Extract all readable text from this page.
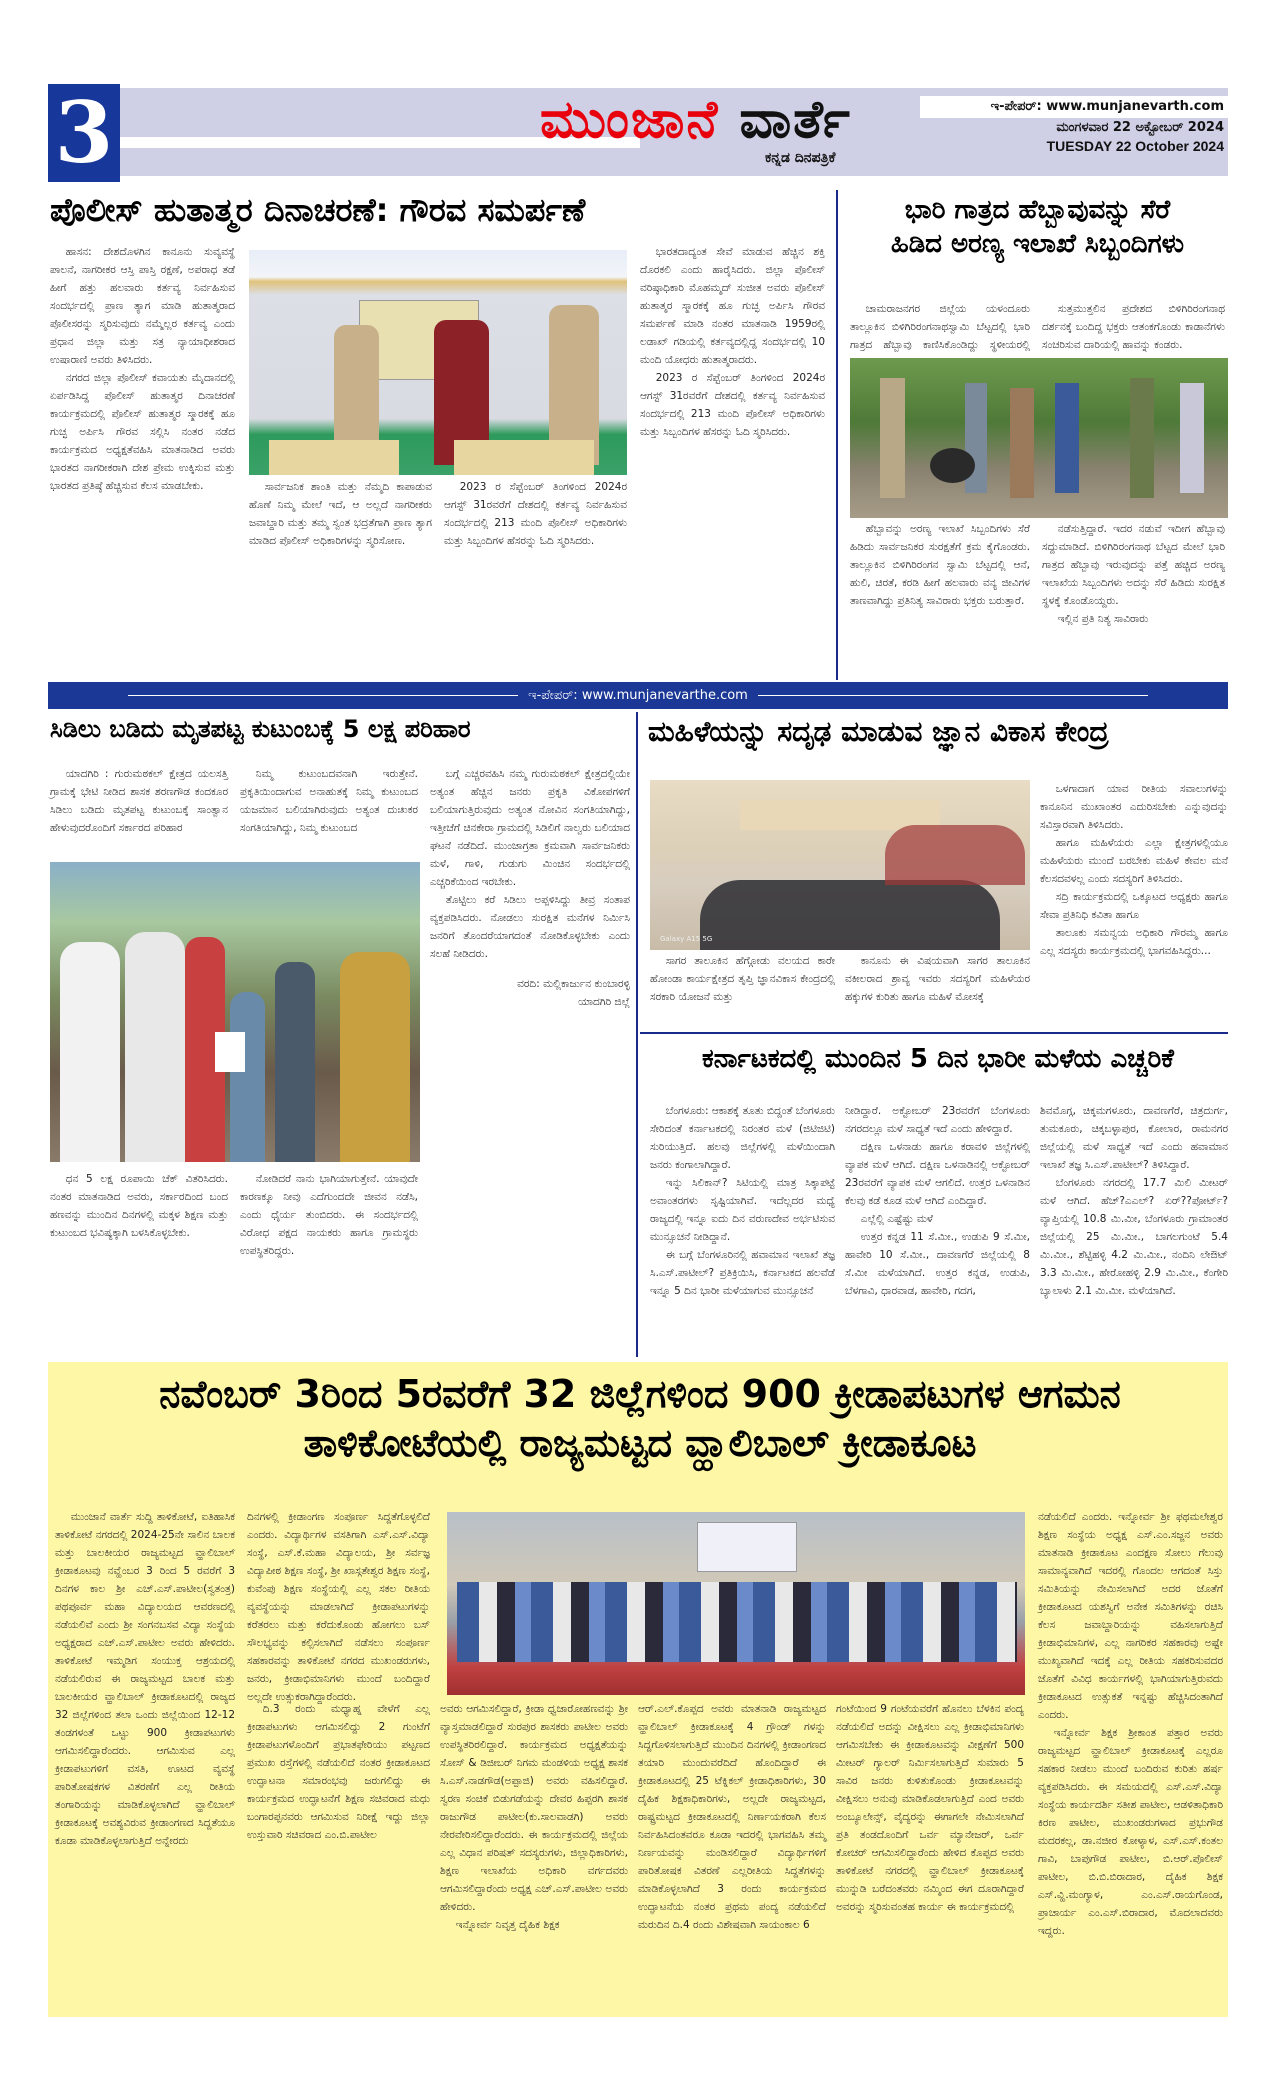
3	ಮುಂಜಾನೆ ವಾರ್ತೆ
ಕನ್ನಡ ದಿನಪತ್ರಿಕೆ
ಇ-ಪೇಪರ್: www.munjanevarth.com
ಮಂಗಳವಾರ 22 ಅಕ್ಟೋಬರ್ 2024
TUESDAY 22 October 2024
ಪೊಲೀಸ್ ಹುತಾತ್ಮರ ದಿನಾಚರಣೆ: ಗೌರವ ಸಮರ್ಪಣೆ

ಹಾಸನ: ದೇಶದೊಳಗಿನ ಕಾನೂನು ಸುವ್ಯವಸ್ಥೆ ಪಾಲನೆ, ನಾಗರೀಕರ ಆಸ್ತಿ ಪಾಸ್ತಿ ರಕ್ಷಣೆ, ಅಪರಾಧ ತಡೆ ಹೀಗೆ ಹತ್ತು ಹಲವಾರು ಕರ್ತವ್ಯ ನಿರ್ವಹಿಸುವ ಸಂದರ್ಭದಲ್ಲಿ ಪ್ರಾಣ ತ್ಯಾಗ ಮಾಡಿ ಹುತಾತ್ಮರಾದ ಪೊಲೀಸರನ್ನು ಸ್ಮರಿಸುವುದು ನಮ್ಮೆಲ್ಲರ ಕರ್ತವ್ಯ ಎಂದು ಪ್ರಧಾನ ಜಿಲ್ಲಾ ಮತ್ತು ಸತ್ರ ನ್ಯಾಯಾಧೀಶರಾದ ಉಷಾರಾಣಿ ಅವರು ತಿಳಿಸಿದರು.

ನಗರದ ಜಿಲ್ಲಾ ಪೊಲೀಸ್ ಕವಾಯತು ಮೈದಾನದಲ್ಲಿ ಏರ್ಪಡಿಸಿದ್ದ ಪೊಲೀಸ್ ಹುತಾತ್ಮರ ದಿನಾಚರಣೆ ಕಾರ್ಯಕ್ರಮದಲ್ಲಿ ಪೊಲೀಸ್ ಹುತಾತ್ಮರ ಸ್ಮಾರಕಕ್ಕೆ ಹೂ ಗುಚ್ಛ ಅರ್ಪಿಸಿ ಗೌರವ ಸಲ್ಲಿಸಿ ನಂತರ ನಡೆದ ಕಾರ್ಯಕ್ರಮದ ಅಧ್ಯಕ್ಷತೆವಹಿಸಿ ಮಾತನಾಡಿದ ಅವರು ಭಾರತದ ನಾಗರೀಕರಾಗಿ ದೇಶ ಪ್ರೇಮ ಉಕ್ಕಿಸುವ ಮತ್ತು ಭಾರತದ ಪ್ರತಿಷ್ಠೆ ಹೆಚ್ಚಿಸುವ ಕೆಲಸ ಮಾಡಬೇಕು.	ಸಾರ್ವಜನಿಕ ಶಾಂತಿ ಮತ್ತು ನೆಮ್ಮದಿ ಕಾಪಾಡುವ ಹೊಣೆ ನಿಮ್ಮ ಮೇಲೆ ಇದೆ, ಆ ಅಲ್ಲದೆ ನಾಗರೀಕರು ಜವಾಬ್ದಾರಿ ಮತ್ತು ತಮ್ಮ ಸ್ವಂತ ಭದ್ರತೆಗಾಗಿ ಪ್ರಾಣ ತ್ಯಾಗ ಮಾಡಿದ ಪೊಲೀಸ್ ಅಧಿಕಾರಿಗಳನ್ನು ಸ್ಮರಿಸೋಣ.

2023 ರ ಸೆಪ್ಟೆಂಬರ್ ತಿಂಗಳಿಂದ 2024ರ ಆಗಸ್ಟ್ 31ರವರೆಗೆ ದೇಶದಲ್ಲಿ ಕರ್ತವ್ಯ ನಿರ್ವಹಿಸುವ ಸಂದರ್ಭದಲ್ಲಿ 213 ಮಂದಿ ಪೊಲೀಸ್ ಅಧಿಕಾರಿಗಳು ಮತ್ತು ಸಿಬ್ಬಂದಿಗಳ ಹೆಸರನ್ನು ಓದಿ ಸ್ಮರಿಸಿದರು.

ಭಾರತದಾದ್ಯಂತ ಸೇವೆ ಮಾಡುವ ಹೆಚ್ಚಿನ ಶಕ್ತಿ ದೊರಕಲಿ ಎಂದು ಹಾರೈಸಿದರು. ಜಿಲ್ಲಾ ಪೊಲೀಸ್ ವರಿಷ್ಠಾಧಿಕಾರಿ ಮೊಹಮ್ಮದ್ ಸುಜೀತ ಅವರು ಪೊಲೀಸ್ ಹುತಾತ್ಮರ ಸ್ಮಾರಕಕ್ಕೆ ಹೂ ಗುಚ್ಛ ಅರ್ಪಿಸಿ ಗೌರವ ಸಮರ್ಪಣೆ ಮಾಡಿ ನಂತರ ಮಾತನಾಡಿ 1959ರಲ್ಲಿ ಲಡಾಖ್ ಗಡಿಯಲ್ಲಿ ಕರ್ತವ್ಯದಲ್ಲಿದ್ದ ಸಂದರ್ಭದಲ್ಲಿ 10 ಮಂದಿ ಯೋಧರು ಹುತಾತ್ಮರಾದರು.

2023 ರ ಸೆಪ್ಟೆಂಬರ್ ತಿಂಗಳಿಂದ 2024ರ ಆಗಸ್ಟ್ 31ರವರೆಗೆ ದೇಶದಲ್ಲಿ ಕರ್ತವ್ಯ ನಿರ್ವಹಿಸುವ ಸಂದರ್ಭದಲ್ಲಿ 213 ಮಂದಿ ಪೊಲೀಸ್ ಅಧಿಕಾರಿಗಳು ಮತ್ತು ಸಿಬ್ಬಂದಿಗಳ ಹೆಸರನ್ನು ಓದಿ ಸ್ಮರಿಸಿದರು.

ಭಾರಿ ಗಾತ್ರದ ಹೆಬ್ಬಾವುವನ್ನು ಸೆರೆ
ಹಿಡಿದ ಅರಣ್ಯ ಇಲಾಖೆ ಸಿಬ್ಬಂದಿಗಳು

ಚಾಮರಾಜನಗರ ಜಿಲ್ಲೆಯ ಯಳಂದೂರು ತಾಲ್ಲೂಕಿನ ಬಿಳಿಗಿರಿರಂಗನಾಥಸ್ವಾಮಿ ಬೆಟ್ಟದಲ್ಲಿ ಭಾರಿ ಗಾತ್ರದ ಹೆಬ್ಬಾವು ಕಾಣಿಸಿಕೊಂಡಿದ್ದು ಸ್ಥಳೀಯರಲ್ಲಿ

ಸುತ್ತಮುತ್ತಲಿನ ಪ್ರದೇಶದ ಬಿಳಿಗಿರಿರಂಗನಾಥ ದರ್ಶನಕ್ಕೆ ಬಂದಿದ್ದ ಭಕ್ತರು ಆತಂಕಗೊಂಡು ಕಾಡಾನೆಗಳು ಸಂಚರಿಸುವ ದಾರಿಯಲ್ಲಿ ಹಾವನ್ನು ಕಂಡರು.

ಹೆಬ್ಬಾವನ್ನು ಅರಣ್ಯ ಇಲಾಖೆ ಸಿಬ್ಬಂದಿಗಳು ಸೆರೆ ಹಿಡಿದು ಸಾರ್ವಜನಿಕರ ಸುರಕ್ಷತೆಗೆ ಕ್ರಮ ಕೈಗೊಂಡರು. ತಾಲ್ಲೂಕಿನ ಬಿಳಿಗಿರಿರಂಗನ ಸ್ವಾಮಿ ಬೆಟ್ಟದಲ್ಲಿ ಆನೆ, ಹುಲಿ, ಚಿರತೆ, ಕರಡಿ ಹೀಗೆ ಹಲವಾರು ವನ್ಯ ಜೀವಿಗಳ ತಾಣವಾಗಿದ್ದು ಪ್ರತಿನಿತ್ಯ ಸಾವಿರಾರು ಭಕ್ತರು ಬರುತ್ತಾರೆ.

ನಡೆಸುತ್ತಿದ್ದಾರೆ. ಇದರ ನಡುವೆ ಇದೀಗ ಹೆಬ್ಬಾವು ಸದ್ದುಮಾಡಿದೆ. ಬಿಳಿಗಿರಿರಂಗನಾಥ ಬೆಟ್ಟದ ಮೇಲೆ ಭಾರಿ ಗಾತ್ರದ ಹೆಬ್ಬಾವು ಇರುವುದನ್ನು ಪತ್ತೆ ಹಚ್ಚಿದ ಅರಣ್ಯ ಇಲಾಖೆಯ ಸಿಬ್ಬಂದಿಗಳು ಅದನ್ನು ಸೆರೆ ಹಿಡಿದು ಸುರಕ್ಷಿತ ಸ್ಥಳಕ್ಕೆ ಕೊಂಡೊಯ್ದರು.

ಇಲ್ಲಿನ ಪ್ರತಿ ನಿತ್ಯ ಸಾವಿರಾರು

ಇ-ಪೇಪರ್: www.munjanevarthe.com
ಸಿಡಿಲು ಬಡಿದು ಮೃತಪಟ್ಟ ಕುಟುಂಬಕ್ಕೆ 5 ಲಕ್ಷ ಪರಿಹಾರ

ಯಾದಗಿರಿ : ಗುರುಮಠಕಲ್ ಕ್ಷೇತ್ರದ ಯಲಸತ್ತಿ ಗ್ರಾಮಕ್ಕೆ ಭೇಟಿ ನೀಡಿದ ಶಾಸಕ ಶರಣಗೌಡ ಕಂದಕೂರ ಸಿಡಿಲು ಬಡಿದು ಮೃತಪಟ್ಟ ಕುಟುಂಬಕ್ಕೆ ಸಾಂತ್ವಾನ ಹೇಳುವುದರೊಂದಿಗೆ ಸರ್ಕಾರದ ಪರಿಹಾರ

ನಿಮ್ಮ ಕುಟುಂಬದವನಾಗಿ ಇರುತ್ತೇನೆ. ಪ್ರಕೃತಿಯಿಂದಾಗುವ ಅನಾಹುತಕ್ಕೆ ನಿಮ್ಮ ಕುಟುಂಬದ ಯಜಮಾನ ಬಲಿಯಾಗಿರುವುದು ಅತ್ಯಂತ ದುಃಖಕರ ಸಂಗತಿಯಾಗಿದ್ದು, ನಿಮ್ಮ ಕುಟುಂಬದ

ಬಗ್ಗೆ ಎಚ್ಚರವಹಿಸಿ ನಮ್ಮ ಗುರುಮಠಕಲ್ ಕ್ಷೇತ್ರದಲ್ಲಿಯೇ ಅತ್ಯಂತ ಹೆಚ್ಚಿನ ಜನರು ಪ್ರಕೃತಿ ವಿಕೋಪಗಳಿಗೆ ಬಲಿಯಾಗುತ್ತಿರುವುದು ಅತ್ಯಂತ ನೋವಿನ ಸಂಗತಿಯಾಗಿದ್ದು, ಇತ್ತೀಚೆಗೆ ಚಿನಕೇರಾ ಗ್ರಾಮದಲ್ಲಿ ಸಿಡಿಲಿಗೆ ನಾಲ್ವರು ಬಲಿಯಾದ ಘಟನೆ ನಡೆದಿದೆ. ಮುಂಜಾಗ್ರತಾ ಕ್ರಮವಾಗಿ ಸಾರ್ವಜನಿಕರು ಮಳೆ, ಗಾಳಿ, ಗುಡುಗು ಮಿಂಚಿನ ಸಂದರ್ಭದಲ್ಲಿ ಎಚ್ಚರಿಕೆಯಿಂದ ಇರಬೇಕು.

ತೊಟ್ಟಿಲು ಕರೆ ಸಿಡಿಲು ಅಪ್ಪಳಿಸಿದ್ದು ತೀವ್ರ ಸಂತಾಪ ವ್ಯಕ್ತಪಡಿಸಿದರು. ನೋಡಲು ಸುರಕ್ಷಿತ ಮನೆಗಳ ನಿರ್ಮಿಸಿ ಜನರಿಗೆ ತೊಂದರೆಯಾಗದಂತೆ ನೋಡಿಕೊಳ್ಳಬೇಕು ಎಂದು ಸಲಹೆ ನೀಡಿದರು.

ವರದಿ: ಮಲ್ಲಿಕಾರ್ಜುನ ಕುಂಬಾರಳ್ಳಿ
ಯಾದಗಿರಿ ಜಿಲ್ಲೆ

ಧನ 5 ಲಕ್ಷ ರೂಪಾಯಿ ಚೆಕ್ ವಿತರಿಸಿದರು. ನಂತರ ಮಾತನಾಡಿದ ಅವರು, ಸರ್ಕಾರದಿಂದ ಬಂದ ಹಣವನ್ನು ಮುಂದಿನ ದಿನಗಳಲ್ಲಿ ಮಕ್ಕಳ ಶಿಕ್ಷಣ ಮತ್ತು ಕುಟುಂಬದ ಭವಿಷ್ಯಕ್ಕಾಗಿ ಬಳಸಿಕೊಳ್ಳಬೇಕು.

ನೋಡಿದರೆ ನಾನು ಭಾಗಿಯಾಗುತ್ತೇನೆ. ಯಾವುದೇ ಕಾರಣಕ್ಕೂ ನೀವು ಎದೆಗುಂದದೇ ಜೀವನ ನಡೆಸಿ, ಎಂದು ಧೈರ್ಯ ತುಂಬಿದರು. ಈ ಸಂದರ್ಭದಲ್ಲಿ ವಿರೋಧ ಪಕ್ಷದ ನಾಯಕರು ಹಾಗೂ ಗ್ರಾಮಸ್ಥರು ಉಪಸ್ಥಿತರಿದ್ದರು.

ಮಹಿಳೆಯನ್ನು ಸದೃಢ ಮಾಡುವ ಜ್ಞಾನ ವಿಕಾಸ ಕೇಂದ್ರ
Galaxy A15 5G

ಸಾಗರ ತಾಲೂಕಿನ ಹೆಗ್ಗೋಡು ವಲಯದ ಕಾರೇ ಹೋಂಡಾ ಕಾರ್ಯಕ್ಷೇತ್ರದ ತೃಪ್ತಿ ಜ್ಞಾನವಿಕಾಸ ಕೇಂದ್ರದಲ್ಲಿ ಸರಕಾರಿ ಯೋಜನೆ ಮತ್ತು

ಕಾನೂನು ಈ ವಿಷಯವಾಗಿ ಸಾಗರ ತಾಲೂಕಿನ ವಕೀಲರಾದ ಶ್ರಾವ್ಯ ಇವರು ಸದಸ್ಯರಿಗೆ ಮಹಿಳೆಯರ ಹಕ್ಕುಗಳ ಕುರಿತು ಹಾಗೂ ಮಹಿಳೆ ಮೋಸಕ್ಕೆ

ಒಳಗಾದಾಗ ಯಾವ ರೀತಿಯ ಸವಾಲುಗಳನ್ನು ಕಾನೂನಿನ ಮುಖಾಂತರ ಎದುರಿಸಬೇಕು ಎನ್ನುವುದನ್ನು ಸವಿಸ್ತಾರವಾಗಿ ತಿಳಿಸಿದರು.

ಹಾಗೂ ಮಹಿಳೆಯರು ಎಲ್ಲಾ ಕ್ಷೇತ್ರಗಳಲ್ಲಿಯೂ ಮಹಿಳೆಯರು ಮುಂದೆ ಬರಬೇಕು ಮಹಿಳೆ ಕೇವಲ ಮನೆ ಕೆಲಸದವಳಲ್ಲ ಎಂದು ಸದಸ್ಯರಿಗೆ ತಿಳಿಸಿದರು.

ಸದ್ರಿ ಕಾರ್ಯಕ್ರಮದಲ್ಲಿ ಒಕ್ಕೂಟದ ಅಧ್ಯಕ್ಷರು ಹಾಗೂ ಸೇವಾ ಪ್ರತಿನಿಧಿ ಕವಿತಾ ಹಾಗೂ

ತಾಲೂಕು ಸಮನ್ವಯ ಅಧಿಕಾರಿ ಗೌರಮ್ಮ ಹಾಗೂ ಎಲ್ಲ ಸದಸ್ಯರು ಕಾರ್ಯಕ್ರಮದಲ್ಲಿ ಭಾಗವಹಿಸಿದ್ದರು...

ಕರ್ನಾಟಕದಲ್ಲಿ ಮುಂದಿನ 5 ದಿನ ಭಾರೀ ಮಳೆಯ ಎಚ್ಚರಿಕೆ

ಬೆಂಗಳೂರು: ಆಕಾಶಕ್ಕೆ ತೂತು ಬಿದ್ದಂತೆ ಬೆಂಗಳೂರು ಸೇರಿದಂತೆ ಕರ್ನಾಟಕದಲ್ಲಿ ನಿರಂತರ ಮಳೆ (ಜಿಟಿಜಿಟಿ) ಸುರಿಯುತ್ತಿದೆ. ಹಲವು ಜಿಲ್ಲೆಗಳಲ್ಲಿ ಮಳೆಯಿಂದಾಗಿ ಜನರು ಕಂಗಾಲಾಗಿದ್ದಾರೆ.

ಇನ್ನು ಸಿಲಿಕಾನ್? ಸಿಟಿಯಲ್ಲಿ ಮಾತ್ರ ಸಿಕ್ಕಾಪಟ್ಟೆ ಅವಾಂತರಗಳು ಸೃಷ್ಟಿಯಾಗಿವೆ. ಇದೆಲ್ಲದರ ಮಧ್ಯೆ ರಾಜ್ಯದಲ್ಲಿ ಇನ್ನೂ ಐದು ದಿನ ವರುಣದೇವ ಅರ್ಭಟಿಸುವ ಮುನ್ಸೂಚನೆ ನೀಡಿದ್ದಾನೆ.

ಈ ಬಗ್ಗೆ ಬೆಂಗಳೂರಿನಲ್ಲಿ ಹವಾಮಾನ ಇಲಾಖೆ ತಜ್ಞ ಸಿ.ಎಸ್.ಪಾಟೀಲ್? ಪ್ರತಿಕ್ರಿಯಿಸಿ, ಕರ್ನಾಟಕದ ಹಲವೆಡೆ ಇನ್ನೂ 5 ದಿನ ಭಾರೀ ಮಳೆಯಾಗುವ ಮುನ್ಸೂಚನೆ

ನೀಡಿದ್ದಾರೆ. ಅಕ್ಟೋಬರ್ 23ರವರೆಗೆ ಬೆಂಗಳೂರು ನಗರದಲ್ಲೂ ಮಳೆ ಸಾಧ್ಯತೆ ಇದೆ ಎಂದು ಹೇಳಿದ್ದಾರೆ.

ದಕ್ಷಿಣ ಒಳನಾಡು ಹಾಗೂ ಕರಾವಳಿ ಜಿಲ್ಲೆಗಳಲ್ಲಿ ವ್ಯಾಪಕ ಮಳೆ ಆಗಿದೆ. ದಕ್ಷಿಣ ಒಳನಾಡಿನಲ್ಲಿ ಅಕ್ಟೋಬರ್ 23ರವರೆಗೆ ವ್ಯಾಪಕ ಮಳೆ ಆಗಲಿದೆ. ಉತ್ತರ ಒಳನಾಡಿನ ಕೆಲವು ಕಡೆ ಕೂಡ ಮಳೆ ಆಗಿದೆ ಎಂದಿದ್ದಾರೆ.

ಎಲ್ಲೆಲ್ಲಿ ಎಷ್ಟೆಷ್ಟು ಮಳೆ

ಉತ್ತರ ಕನ್ನಡ 11 ಸೆ.ಮೀ., ಉಡುಪಿ 9 ಸೆ.ಮೀ, ಹಾವೇರಿ 10 ಸೆ.ಮೀ., ದಾವಣಗೆರೆ ಜಿಲ್ಲೆಯಲ್ಲಿ 8 ಸೆ.ಮೀ ಮಳೆಯಾಗಿದೆ. ಉತ್ತರ ಕನ್ನಡ, ಉಡುಪಿ, ಬೆಳಗಾವಿ, ಧಾರವಾಡ, ಹಾವೇರಿ, ಗದಗ,

ಶಿವಮೊಗ್ಗ, ಚಿಕ್ಕಮಗಳೂರು, ದಾವಣಗೆರೆ, ಚಿತ್ರದುರ್ಗ, ತುಮಕೂರು, ಚಿಕ್ಕಬಳ್ಳಾಪುರ, ಕೋಲಾರ, ರಾಮನಗರ ಜಿಲ್ಲೆಯಲ್ಲಿ ಮಳೆ ಸಾಧ್ಯತೆ ಇದೆ ಎಂದು ಹವಾಮಾನ ಇಲಾಖೆ ತಜ್ಞ ಸಿ.ಎಸ್.ಪಾಟೀಲ್? ತಿಳಿಸಿದ್ದಾರೆ.

ಬೆಂಗಳೂರು ನಗರದಲ್ಲಿ 17.7 ಮಿಲಿ ಮೀಟರ್ ಮಳೆ ಆಗಿದೆ. ಹೆಚ್?ಎಎಲ್? ಏರ್??ಪೋರ್ಟ್? ವ್ಯಾಪ್ತಿಯಲ್ಲಿ 10.8 ಮಿ.ಮೀ, ಬೆಂಗಳೂರು ಗ್ರಾಮಾಂತರ ಜಿಲ್ಲೆಯಲ್ಲಿ 25 ಮಿ.ಮೀ., ಬಾಗಲಗುಂಟೆ 5.4 ಮಿ.ಮೀ., ಶೆಟ್ಟಿಹಳ್ಳಿ 4.2 ಮಿ.ಮೀ., ನಂದಿನಿ ಲೇಔಟ್ 3.3 ಮಿ.ಮೀ., ಹೇರೋಹಳ್ಳಿ 2.9 ಮಿ.ಮೀ., ಕೆಂಗೇರಿ ಬ್ಯಾಲಾಳು 2.1 ಮಿ.ಮೀ. ಮಳೆಯಾಗಿದೆ.

ನವೆಂಬರ್ 3ರಿಂದ 5ರವರೆಗೆ 32 ಜಿಲ್ಲೆಗಳಿಂದ 900 ಕ್ರೀಡಾಪಟುಗಳ ಆಗಮನ
ತಾಳಿಕೋಟೆಯಲ್ಲಿ ರಾಜ್ಯಮಟ್ಟದ ವ್ಹಾಲಿಬಾಲ್ ಕ್ರೀಡಾಕೂಟ

ಮುಂಜಾನೆ ವಾರ್ತೆ ಸುದ್ದಿ ತಾಳಿಕೋಟೆ, ಐತಿಹಾಸಿಕ ತಾಳಿಕೋಟೆ ನಗರದಲ್ಲಿ 2024-25ನೇ ಸಾಲಿನ ಬಾಲಕ ಮತ್ತು ಬಾಲಕೀಯರ ರಾಜ್ಯಮಟ್ಟದ ವ್ಹಾಲಿಬಾಲ್ ಕ್ರೀಡಾಕೂಟವು ನವ್ಹೆಂಬರ 3 ರಿಂದ 5 ರವರೆಗೆ 3 ದಿನಗಳ ಕಾಲ ಶ್ರೀ ಎಚ್.ಎಸ್.ಪಾಟೀಲ(ಸ್ವತಂತ್ರ) ಪಥಪೂರ್ವ ಮಹಾ ವಿದ್ಯಾಲಯದ ಆವರಣದಲ್ಲಿ ನಡೆಯಲಿವೆ ಎಂದು ಶ್ರೀ ಸಂಗನಬಸವ ವಿದ್ಯಾ ಸಂಸ್ಥೆಯ ಅಧ್ಯಕ್ಷರಾದ ಎಚ್.ಎಸ್.ಪಾಟೀಲ ಅವರು ಹೇಳಿದರು. ತಾಳಿಕೋಟೆ ಇಮ್ಮಡಿಗ ಸಂಯುಕ್ತ ಆಶ್ರಯದಲ್ಲಿ ನಡೆಯಲಿರುವ ಈ ರಾಜ್ಯಮಟ್ಟದ ಬಾಲಕ ಮತ್ತು ಬಾಲಕೀಯರ ವ್ಹಾಲಿಬಾಲ್ ಕ್ರೀಡಾಕೂಟದಲ್ಲಿ ರಾಜ್ಯದ 32 ಜಿಲ್ಲೆಗಳಿಂದ ತಲಾ ಒಂದು ಜಿಲ್ಲೆಯಿಂದ 12-12 ತಂಡಗಳಂತೆ ಒಟ್ಟು 900 ಕ್ರೀಡಾಪಟುಗಳು ಆಗಮಿಸಲಿದ್ದಾರೆಂದರು. ಆಗಮಿಸುವ ಎಲ್ಲ ಕ್ರೀಡಾಪಟುಗಳಿಗೆ ವಸತಿ, ಊಟದ ವ್ಯವಸ್ಥೆ ಪಾರಿತೋಷಕಗಳ ವಿತರಣೆಗೆ ಎಲ್ಲ ರೀತಿಯ ತಂಗಾರಿಯನ್ನು ಮಾಡಿಕೊಳ್ಳಲಾಗಿದೆ ವ್ಹಾಲಿಬಾಲ್ ಕ್ರೀಡಾಕೂಟಕ್ಕೆ ಅವಶ್ಯವಿರುವ ಕ್ರೀಡಾಂಗಣದ ಸಿದ್ದತೆಯೂ ಕೂಡಾ ಮಾಡಿಕೊಳ್ಳಲಾಗುತ್ತಿದೆ ಅನ್ನೇರದು

ದಿನಗಳಲ್ಲಿ ಕ್ರೀಡಾಂಗಣ ಸಂಪೂರ್ಣ ಸಿದ್ದತೆಗೊಳ್ಳಲಿದೆ ಎಂದರು. ವಿದ್ಯಾರ್ಥಿಗಳ ವಸತಿಗಾಗಿ ಎಸ್.ಎಸ್.ವಿದ್ಯಾ ಸಂಸ್ಥೆ, ಎಸ್.ಕೆ.ಮಹಾ ವಿದ್ಯಾಲಯ, ಶ್ರೀ ಸರ್ವಜ್ಞ ವಿದ್ಯಾಪೀಠ ಶಿಕ್ಷಣ ಸಂಸ್ಥೆ, ಶ್ರೀ ಖಾಸ್ಗತೇಶ್ವರ ಶಿಕ್ಷಣ ಸಂಸ್ಥೆ, ಕುವೆಂಪು ಶಿಕ್ಷಣ ಸಂಸ್ಥೆಯಲ್ಲಿ ಎಲ್ಲ ಸಕಲ ರೀತಿಯ ವ್ಯವಸ್ಥೆಯನ್ನು ಮಾಡಲಾಗಿದೆ ಕ್ರೀಡಾಪಟುಗಳನ್ನು ಕರೆತರಲು ಮತ್ತು ಕರೆದುಕೊಂಡು ಹೋಗಲು ಬಸ್ ಸೌಲಭ್ಯವನ್ನು ಕಲ್ಪಿಸಲಾಗಿದೆ ನಡೆಸಲು ಸಂಪೂರ್ಣ ಸಹಕಾರವನ್ನು ತಾಳಿಕೋಟೆ ನಗರದ ಮುಖಂಡರುಗಳು, ಜನರು, ಕ್ರೀಡಾಭಿಮಾನಿಗಳು ಮುಂದೆ ಬಂದಿದ್ದಾರೆ ಅಲ್ಲದೇ ಉತ್ಸುಕರಾಗಿದ್ದಾರೆಂದರು.

ದಿ.3 ರಂದು ಮಧ್ಯಾಹ್ನ ವೇಳೆಗೆ ಎಲ್ಲ ಕ್ರೀಡಾಪಟುಗಳು ಆಗಮಿಸಲಿದ್ದು 2 ಗುಂಟೆಗೆ ಕ್ರೀಡಾಪಟುಗಳೊಂದಿಗೆ ಪ್ರಭಾತಫೇರಿಯು ಪಟ್ಟಣದ ಪ್ರಮುಖ ರಸ್ತೆಗಳಲ್ಲಿ ನಡೆಯಲಿದೆ ನಂತರ ಕ್ರೀಡಾಕೂಟದ ಉದ್ಘಾಟನಾ ಸಮಾರಂಭವು ಜರುಗಲಿದ್ದು ಈ ಕಾರ್ಯಕ್ರಮದ ಉದ್ಘಾಟನೆಗೆ ಶಿಕ್ಷಣ ಸಚಿವರಾದ ಮಧು ಬಂಗಾರಪ್ಪನವರು ಆಗಮಿಸುವ ನಿರೀಕ್ಷೆ ಇದ್ದು ಜಿಲ್ಲಾ ಉಸ್ತುವಾರಿ ಸಚಿವರಾದ ಎಂ.ಬಿ.ಪಾಟೀಲ

ಅವರು ಆಗಮಿಸಲಿದ್ದಾರೆ, ಕ್ರೀಡಾ ಧ್ವಜಾರೋಹಣವನ್ನು ಶ್ರೀ ವ್ಯಾಸ್ತಮಾಡಲಿದ್ದಾರೆ ಸುರಪುರ ಶಾಸಕರು ಪಾಟೀಲ ಅವರು ಉಪಸ್ಥಿತರಿರಲಿದ್ದಾರೆ. ಕಾರ್ಯಕ್ರಮದ ಅಧ್ಯಕ್ಷತೆಯನ್ನು ಸೋಸ್ & ಡಿಜೀಬರ್ ನಿಗಮ ಮಂಡಳಿಯ ಅಧ್ಯಕ್ಷ ಶಾಸಕ ಸಿ.ಎಸ್.ನಾಡಗೌಡ(ಅಪ್ಪಾಜಿ) ಅವರು ವಹಿಸಲಿದ್ದಾರೆ. ಸ್ವರಣ ಸಂಚಿಕೆ ಬಿಡುಗಡೆಯನ್ನು ದೇವರ ಹಿಪ್ಪರಗಿ ಶಾಸಕ ರಾಜುಗೌಡ ಪಾಟೀಲ(ಕು.ಸಾಲವಾಡಗಿ) ಅವರು ನೇರವೇರಿಸಲಿದ್ದಾರೆಂದರು. ಈ ಕಾರ್ಯಕ್ರಮದಲ್ಲಿ ಜಿಲ್ಲೆಯ ಎಲ್ಲ ವಿಧಾನ ಪರಿಷತ್ ಸದಸ್ಯರುಗಳು, ಜಿಲ್ಲಾಧಿಕಾರಿಗಳು, ಶಿಕ್ಷಣ ಇಲಾಖೆಯ ಅಧಿಕಾರಿ ವರ್ಗದವರು ಆಗಮಿಸಲಿದ್ದಾರೆಂದು ಅಧ್ಯಕ್ಷ ಎಚ್.ಎಸ್.ಪಾಟೀಲ ಅವರು ಹೇಳಿದರು.

ಇನ್ನೋರ್ವ ನಿವೃತ್ತ ದೈಹಿಕ ಶಿಕ್ಷಕ

ಆರ್.ಎಲ್.ಕೊಪ್ಪದ ಅವರು ಮಾತನಾಡಿ ರಾಜ್ಯಮಟ್ಟದ ವ್ಹಾಲಿಬಾಲ್ ಕ್ರೀಡಾಕೂಟಕ್ಕೆ 4 ಗ್ರೌಂಡ್ ಗಳನ್ನು ಸಿದ್ದಗೊಳಿಸಲಾಗುತ್ತಿದೆ ಮುಂದಿನ ದಿನಗಳಲ್ಲಿ ಕ್ರೀಡಾಂಗಣದ ತಯಾರಿ ಮುಂದುವರೆದಿದೆ ಹೊಂದಿದ್ದಾರೆ ಈ ಕ್ರೀಡಾಕೂಟದಲ್ಲಿ 25 ಟೆಕ್ನಿಕಲ್ ಕ್ರೀಡಾಧಿಕಾರಿಗಳು, 30 ದೈಹಿಕ ಶಿಕ್ಷಕಾಧಿಕಾರಿಗಳು, ಅಲ್ಲದೇ ರಾಜ್ಯಮಟ್ಟದ, ರಾಷ್ಟ್ರಮಟ್ಟದ ಕ್ರೀಡಾಕೂಟದಲ್ಲಿ ನಿರ್ಣಾಯಕರಾಗಿ ಕೆಲಸ ನಿರ್ವಹಿಸಿದಂತವರೂ ಕೂಡಾ ಇದರಲ್ಲಿ ಭಾಗವಹಿಸಿ ತಮ್ಮ ನಿರ್ಣಯವನ್ನು ಮಂಡಿಸಲಿದ್ದಾರೆ ವಿದ್ಯಾರ್ಥಿಗಳಿಗೆ ಪಾರಿತೋಷಕ ವಿತರಣೆ ಎಲ್ಲರೀತಿಯ ಸಿದ್ದತೆಗಳನ್ನು ಮಾಡಿಕೊಳ್ಳಲಾಗಿದೆ 3 ರಂದು ಕಾರ್ಯಕ್ರಮದ ಉದ್ಘಾಟನೆಯ ನಂತರ ಪ್ರಥಮ ಪಂದ್ಯ ನಡೆಯಲಿದೆ ಮರುದಿನ ದಿ.4 ರಂದು ವಿಶೇಷವಾಗಿ ಸಾಯಂಕಾಲ 6

ಗಂಟೆಯಿಂದ 9 ಗಂಟೆಯವರೆಗೆ ಹೊನಲು ಬೆಳಕಿನ ಪಂದ್ಯ ನಡೆಯಲಿದೆ ಅದನ್ನು ವೀಕ್ಷಿಸಲು ಎಲ್ಲ ಕ್ರೀಡಾಭಿಮಾನಿಗಳು ಆಗಮಿಸಬೇಕು ಈ ಕ್ರೀಡಾಕೂಟವನ್ನು ವೀಕ್ಷಣೆಗೆ 500 ಮೀಟರ್ ಗ್ಯಾಲರ್ ನಿರ್ಮಿಸಲಾಗುತ್ತಿದೆ ಸುಮಾರು 5 ಸಾವಿರ ಜನರು ಕುಳಿತುಕೊಂಡು ಕ್ರೀಡಾಕೂಟವನ್ನು ವೀಕ್ಷಿಸಲು ಅನುವು ಮಾಡಿಕೊಡಲಾಗುತ್ತಿದೆ ಎಂದ ಅವರು ಅಂಬ್ಯೂಲೇನ್ಸ್, ವೈದ್ಯರನ್ನು ಈಗಾಗಲೇ ನೇಮಿಸಲಾಗಿದೆ ಪ್ರತಿ ತಂಡದೊಂದಿಗೆ ಒರ್ವ ಮ್ಯಾನೇಜರ್, ಒರ್ವ ಕೋಚರ್ ಆಗಮಿಸಲಿದ್ದಾರೆಂದು ಹೇಳಿದ ಕೊಪ್ಪದ ಅವರು ತಾಳಿಕೋಟೆ ನಗರದಲ್ಲಿ ವ್ಹಾಲಿಬಾಲ್ ಕ್ರೀಡಾಕೂಟಕ್ಕೆ ಮುನ್ನುಡಿ ಬರೆದಂತವರು ನಮ್ಮಿಂದ ಈಗ ದೂರಾಗಿದ್ದಾರೆ ಅವರನ್ನು ಸ್ಮರಿಸುವಂತಹ ಕಾರ್ಯ ಈ ಕಾರ್ಯಕ್ರಮದಲ್ಲಿ

ನಡೆಯಲಿದೆ ಎಂದರು. ಇನ್ನೋರ್ವ ಶ್ರೀ ಫಥಮಲೇಶ್ವರ ಶಿಕ್ಷಣ ಸಂಸ್ಥೆಯ ಅಧ್ಯಕ್ಷ ಎಸ್.ಎಂ.ಸಜ್ಜನ ಅವರು ಮಾತನಾಡಿ ಕ್ರೀಡಾಕೂಟ ಎಂದಕ್ಷಣ ಸೋಲು ಗೆಲುವು ಸಾಮಾನ್ಯವಾಗಿದೆ ಇದರಲ್ಲಿ ಗೊಂದಲ ಆಗದಂತೆ ಸಿಸ್ತು ಸಮಿತಿಯನ್ನು ನೇಮಿಸಲಾಗಿದೆ ಅದರ ಜೊತೆಗೆ ಕ್ರೀಡಾಕೂಟದ ಯಶಸ್ವಿಗೆ ಅನೇಕ ಸಮಿತಿಗಳನ್ನು ರಚಿಸಿ ಕೆಲಸ ಜವಾಬ್ದಾರಿಯನ್ನು ವಹಿಸಲಾಗುತ್ತಿದೆ ಕ್ರೀಡಾಭಿಮಾನಿಗಳ, ಎಲ್ಲ ನಾಗರಿಕರ ಸಹಕಾರವು ಅಷ್ಟೇ ಮುಖ್ಯವಾಗಿದೆ ಇದಕ್ಕೆ ಎಲ್ಲ ರೀತಿಯ ಸಹಕರಿಸುವದರ ಜೊತೆಗೆ ವಿವಿಧ ಕಾರ್ಯಗಳಲ್ಲಿ ಭಾಗಿಯಾಗುತ್ತಿರುವದು ಕ್ರೀಡಾಕೂಟದ ಉತ್ಸುಕತೆ ಇನ್ನಷ್ಟು ಹೆಚ್ಚಿಸಿದಂತಾಗಿದೆ ಎಂದರು.

ಇನ್ನೋರ್ವ ಶಿಕ್ಷಕ ಶ್ರೀಕಾಂತ ಪತ್ತಾರ ಅವರು ರಾಜ್ಯಮಟ್ಟದ ವ್ಹಾಲಿಬಾಲ್ ಕ್ರೀಡಾಕೂಟಕ್ಕೆ ಎಲ್ಲರೂ ಸಹಕಾರ ನೀಡಲು ಮುಂದೆ ಬಂದಿರುವ ಕುರಿತು ಹರ್ಷ ವ್ಯಕ್ತಪಡಿಸಿದರು. ಈ ಸಮಯದಲ್ಲಿ ಎಸ್.ಎಸ್.ವಿದ್ಯಾ ಸಂಸ್ಥೆಯ ಕಾರ್ಯದರ್ಶಿ ಸತೀಶ ಪಾಟೀಲ, ಆಡಳಿತಾಧಿಕಾರಿ ಕಿರಣ ಪಾಟೀಲ, ಮುಖಂಡರುಗಳಾದ ಪ್ರಭುಗೌಡ ಮದರಕಲ್ಲ, ಡಾ.ನಜೀರ ಕೋಳ್ಯಾಳ, ಎಸ್.ಎಸ್.ಕಂತಲ ಗಾವಿ, ಬಾಪುಗೌಡ ಪಾಟೀಲ, ಬಿ.ಆರ್.ಪೊಲೀಸ್ ಪಾಟೀಲ, ಬಿ.ಬಿ.ಬಿರಾದಾರ, ದೈಹಿಕ ಶಿಕ್ಷಕ ಎಸ್.ವ್ಹಿ.ಮಂಗ್ಯಾಳ, ಎಂ.ಎಸ್.ರಾಯಗೊಂಡ, ಪ್ರಾಚಾರ್ಯ ಎಂ.ಎಸ್.ಬಿರಾದಾರ, ಮೊದಲಾದವರು ಇದ್ದರು.
